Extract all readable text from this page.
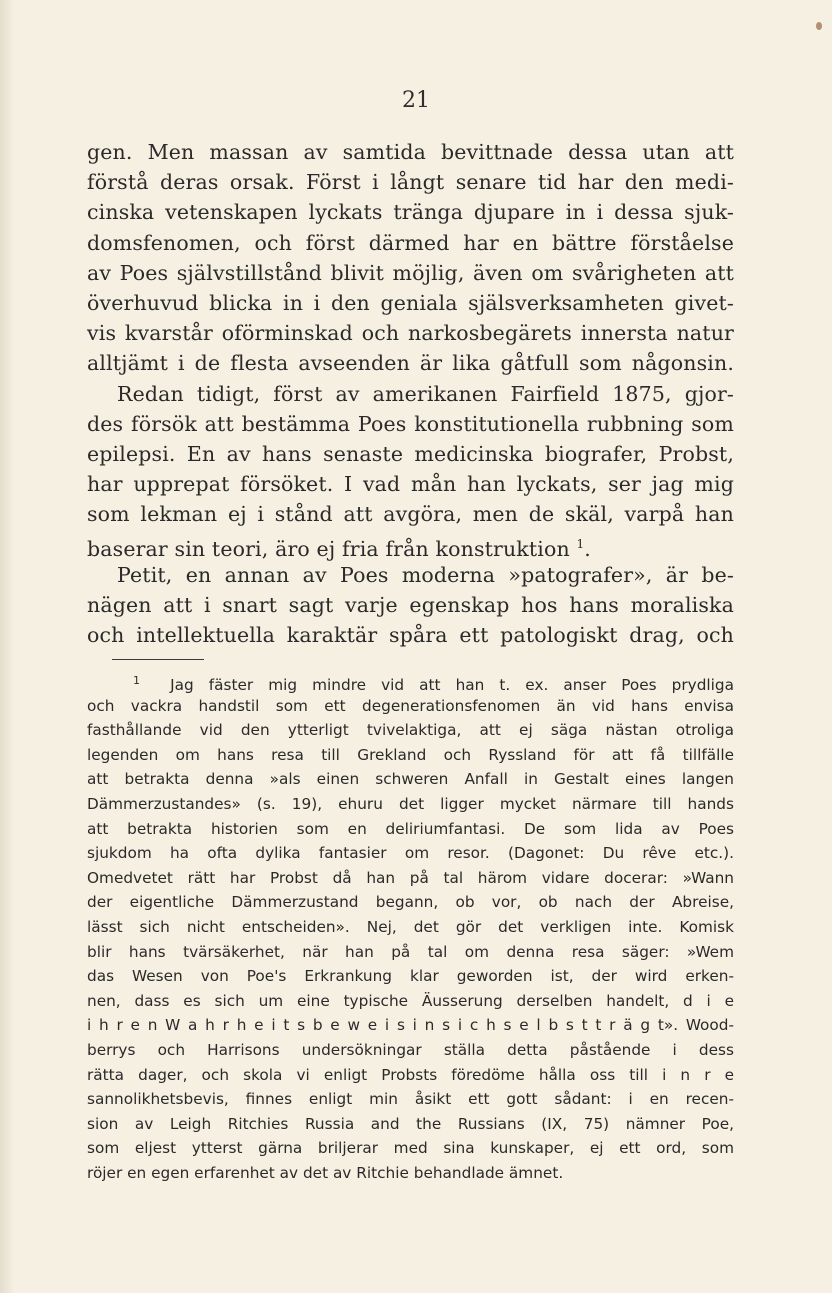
21
gen. Men massan av samtida bevittnade dessa utan att
förstå deras orsak. Först i långt senare tid har den medi-
cinska vetenskapen lyckats tränga djupare in i dessa sjuk-
domsfenomen, och först därmed har en bättre förståelse
av Poes självstillstånd blivit möjlig, även om svårigheten att
överhuvud blicka in i den geniala själsverksamheten givet-
vis kvarstår oförminskad och narkosbegärets innersta natur
alltjämt i de flesta avseenden är lika gåtfull som någonsin.
Redan tidigt, först av amerikanen Fairfield 1875, gjor-
des försök att bestämma Poes konstitutionella rubbning som
epilepsi. En av hans senaste medicinska biografer, Probst,
har upprepat försöket. I vad mån han lyckats, ser jag mig
som lekman ej i stånd att avgöra, men de skäl, varpå han
baserar sin teori, äro ej fria från konstruktion $^1$.
Petit, en annan av Poes moderna »patografer», är be-
nägen att i snart sagt varje egenskap hos hans moraliska
och intellektuella karaktär spåra ett patologiskt drag, och
$^1$ Jag fäster mig mindre vid att han t. ex. anser Poes prydliga
och vackra handstil som ett degenerationsfenomen än vid hans envisa
fasthållande vid den ytterligt tvivelaktiga, att ej säga nästan otroliga
legenden om hans resa till Grekland och Ryssland för att få tillfälle
att betrakta denna »als einen schweren Anfall in Gestalt eines langen
Dämmerzustandes» (s. 19), ehuru det ligger mycket närmare till hands
att betrakta historien som en deliriumfantasi. De som lida av Poes
sjukdom ha ofta dylika fantasier om resor. (Dagonet: Du rêve etc.).
Omedvetet rätt har Probst då han på tal härom vidare docerar: »Wann
der eigentliche Dämmerzustand begann, ob vor, ob nach der Abreise,
lässt sich nicht entscheiden». Nej, det gör det verkligen inte. Komisk
blir hans tvärsäkerhet, när han på tal om denna resa säger: »Wem
das Wesen von Poe's Erkrankung klar geworden ist, der wird erken-
nen, dass es sich um eine typische Äusserung derselben handelt, d i e
i h r e n W a h r h e i t s b e w e i s i n s i c h s e l b s t t r ä g t». Wood-
berrys och Harrisons undersökningar ställa detta påstående i dess
rätta dager, och skola vi enligt Probsts föredöme hålla oss till i n r e
sannolikhetsbevis, finnes enligt min åsikt ett gott sådant: i en recen-
sion av Leigh Ritchies Russia and the Russians (IX, 75) nämner Poe,
som eljest ytterst gärna briljerar med sina kunskaper, ej ett ord, som
röjer en egen erfarenhet av det av Ritchie behandlade ämnet.
